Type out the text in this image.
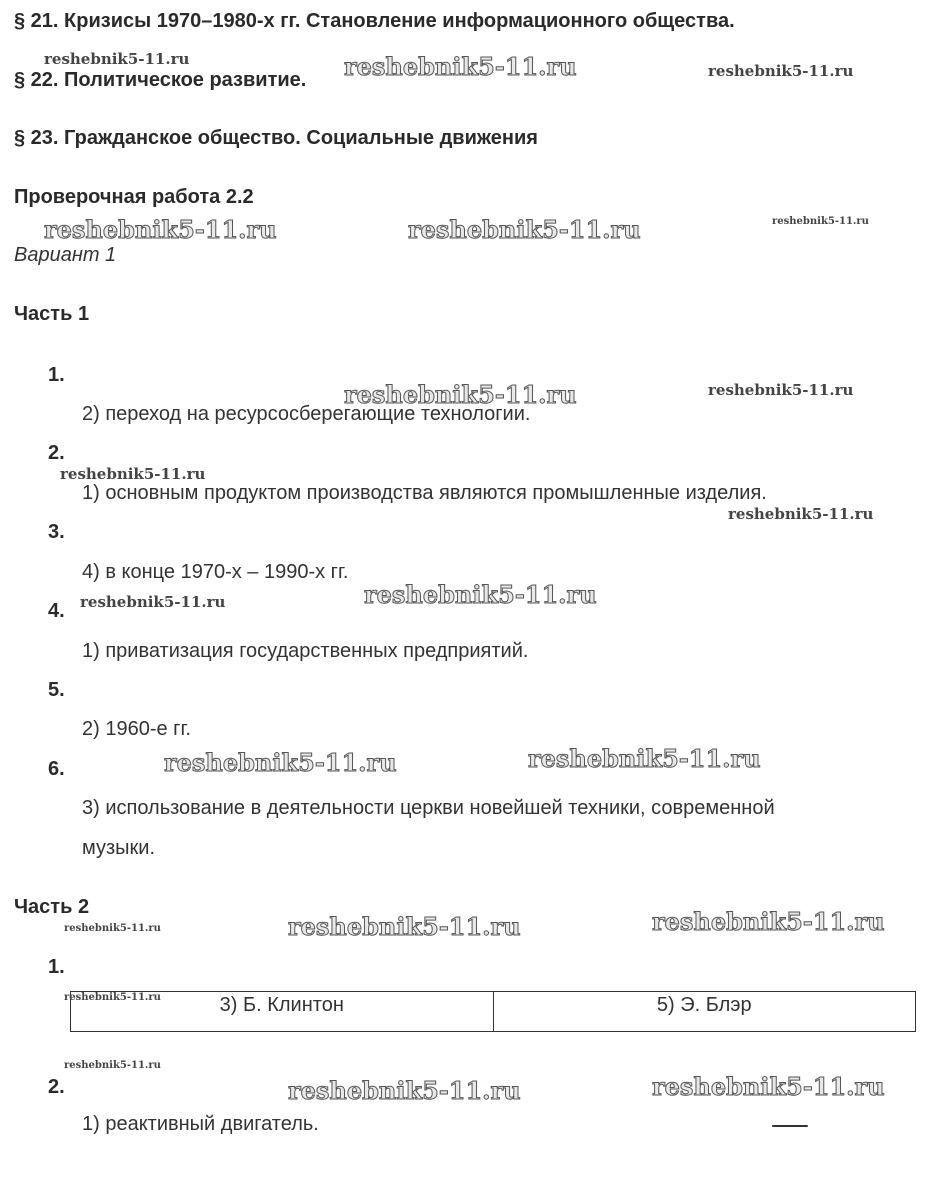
§ 21. Кризисы 1970–1980-х гг. Становление информационного общества.
§ 22. Политическое развитие.
§ 23. Гражданское общество. Социальные движения
Проверочная работа 2.2
Вариант 1
Часть 1
1.
2) переход на ресурсосберегающие технологии.
2.
1) основным продуктом производства являются промышленные изделия.
3.
4) в конце 1970-х – 1990-х гг.
4.
1) приватизация государственных предприятий.
5.
2) 1960-е гг.
6.
3) использование в деятельности церкви новейшей техники, современной
музыки.
Часть 2
1.
3) Б. Клинтон	5) Э. Блэр
2.
1) реактивный двигатель.
reshebnik5-11.ru	reshebnik5-11.ru	reshebnik5-11.ru
reshebnik5-11.ru	reshebnik5-11.ru	reshebnik5-11.ru
reshebnik5-11.ru	reshebnik5-11.ru
reshebnik5-11.ru
reshebnik5-11.ru
reshebnik5-11.ru	reshebnik5-11.ru
reshebnik5-11.ru	reshebnik5-11.ru
reshebnik5-11.ru	reshebnik5-11.ru
reshebnik5-11.ru
reshebnik5-11.ru
reshebnik5-11.ru
reshebnik5-11.ru	reshebnik5-11.ru
